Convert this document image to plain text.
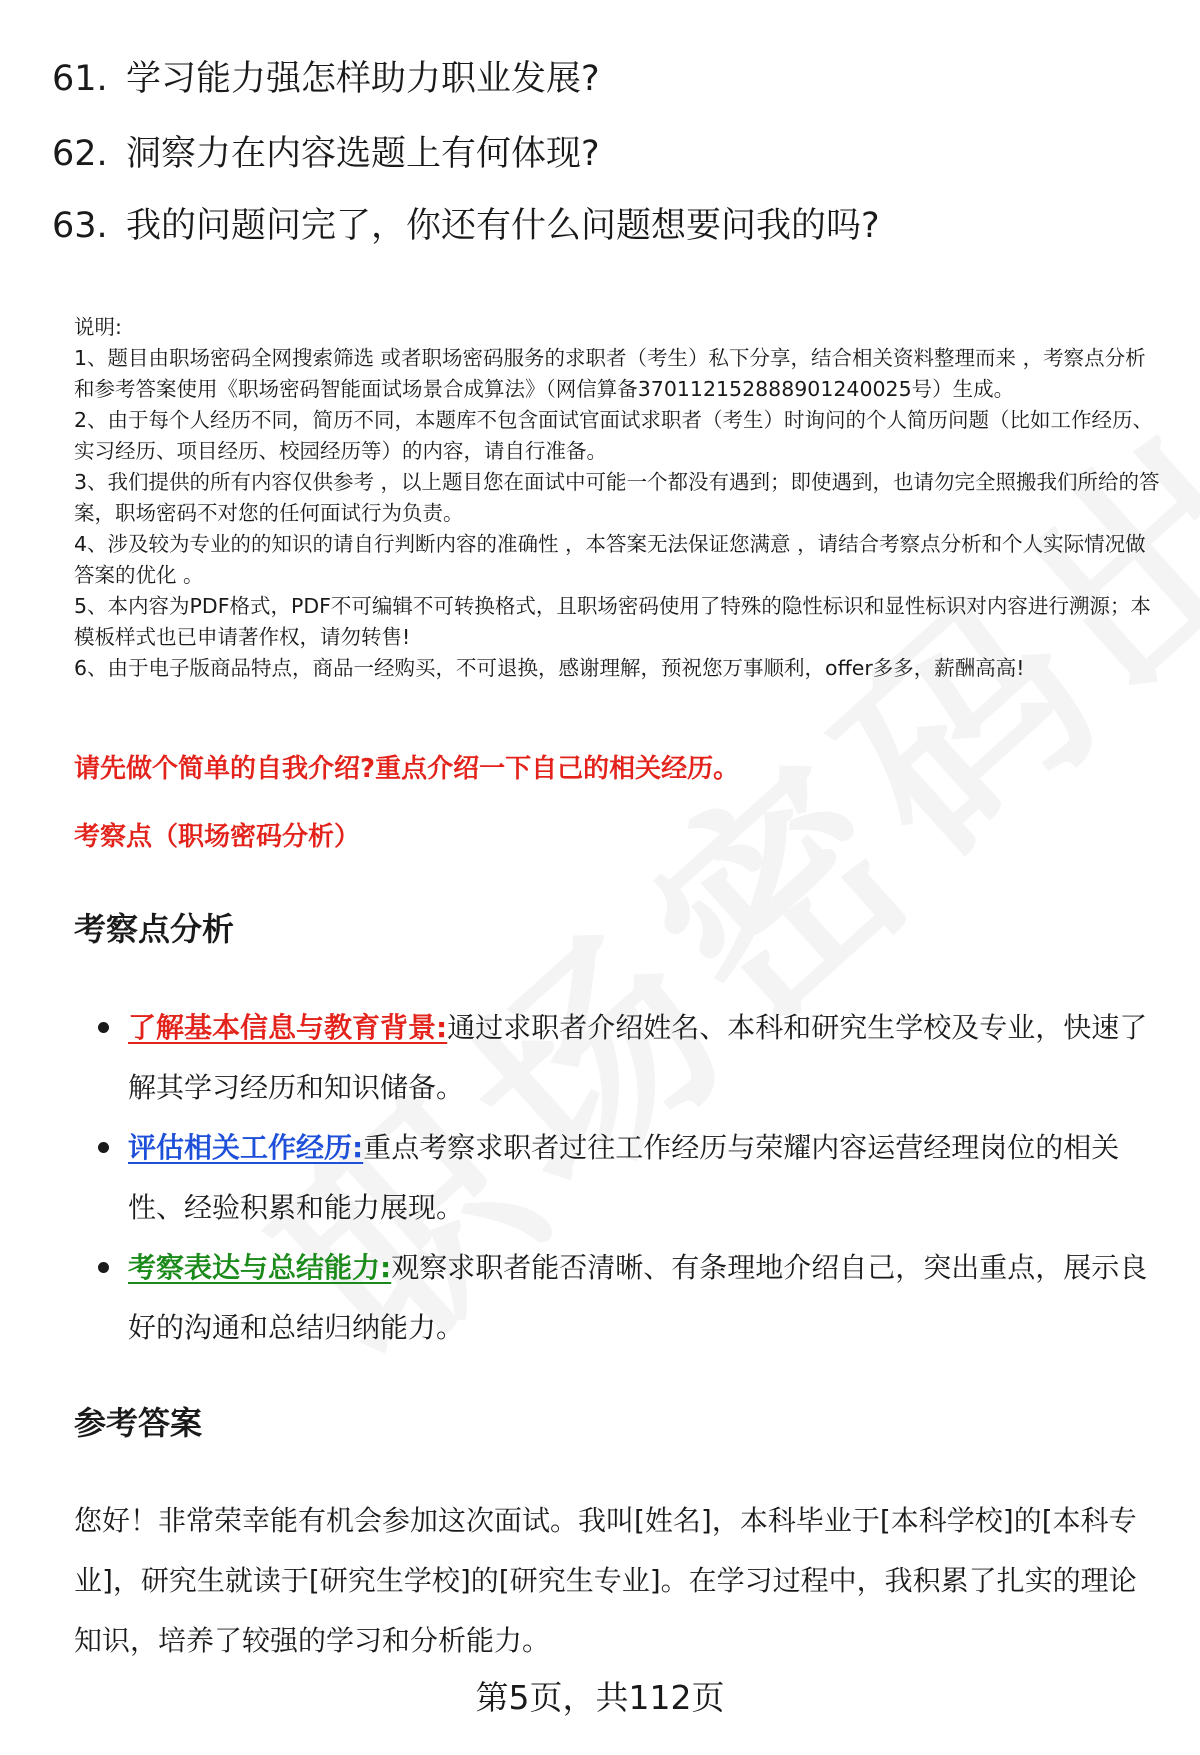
61. 学习能力强怎样助力职业发展?
62. 洞察力在内容选题上有何体现?
63. 我的问题问完了，你还有什么问题想要问我的吗?
说明:
1、题目由职场密码全网搜索筛选 或者职场密码服务的求职者（考生）私下分享，结合相关资料整理而来 ，考察点分析和参考答案使用《职场密码智能面试场景合成算法》（网信算备370112152888901240025号）生成。
2、由于每个人经历不同，简历不同，本题库不包含面试官面试求职者（考生）时询问的个人简历问题（比如工作经历、实习经历、项目经历、校园经历等）的内容，请自行准备。
3、我们提供的所有内容仅供参考 ，以上题目您在面试中可能一个都没有遇到；即使遇到，也请勿完全照搬我们所给的答案，职场密码不对您的任何面试行为负责。
4、涉及较为专业的的知识的请自行判断内容的准确性 ，本答案无法保证您满意 ，请结合考察点分析和个人实际情况做答案的优化 。
5、本内容为PDF格式，PDF不可编辑不可转换格式，且职场密码使用了特殊的隐性标识和显性标识对内容进行溯源；本模板样式也已申请著作权，请勿转售!
6、由于电子版商品特点，商品一经购买，不可退换，感谢理解，预祝您万事顺利，offer多多，薪酬高高!
请先做个简单的自我介绍?重点介绍一下自己的相关经历。
考察点（职场密码分析）
考察点分析
了解基本信息与教育背景:通过求职者介绍姓名、本科和研究生学校及专业，快速了解其学习经历和知识储备。
评估相关工作经历:重点考察求职者过往工作经历与荣耀内容运营经理岗位的相关性、经验积累和能力展现。
考察表达与总结能力:观察求职者能否清晰、有条理地介绍自己，突出重点，展示良好的沟通和总结归纳能力。
参考答案
您好！非常荣幸能有机会参加这次面试。我叫[姓名]，本科毕业于[本科学校]的[本科专业]，研究生就读于[研究生学校]的[研究生专业]。在学习过程中，我积累了扎实的理论知识，培养了较强的学习和分析能力。
第5页，共112页
